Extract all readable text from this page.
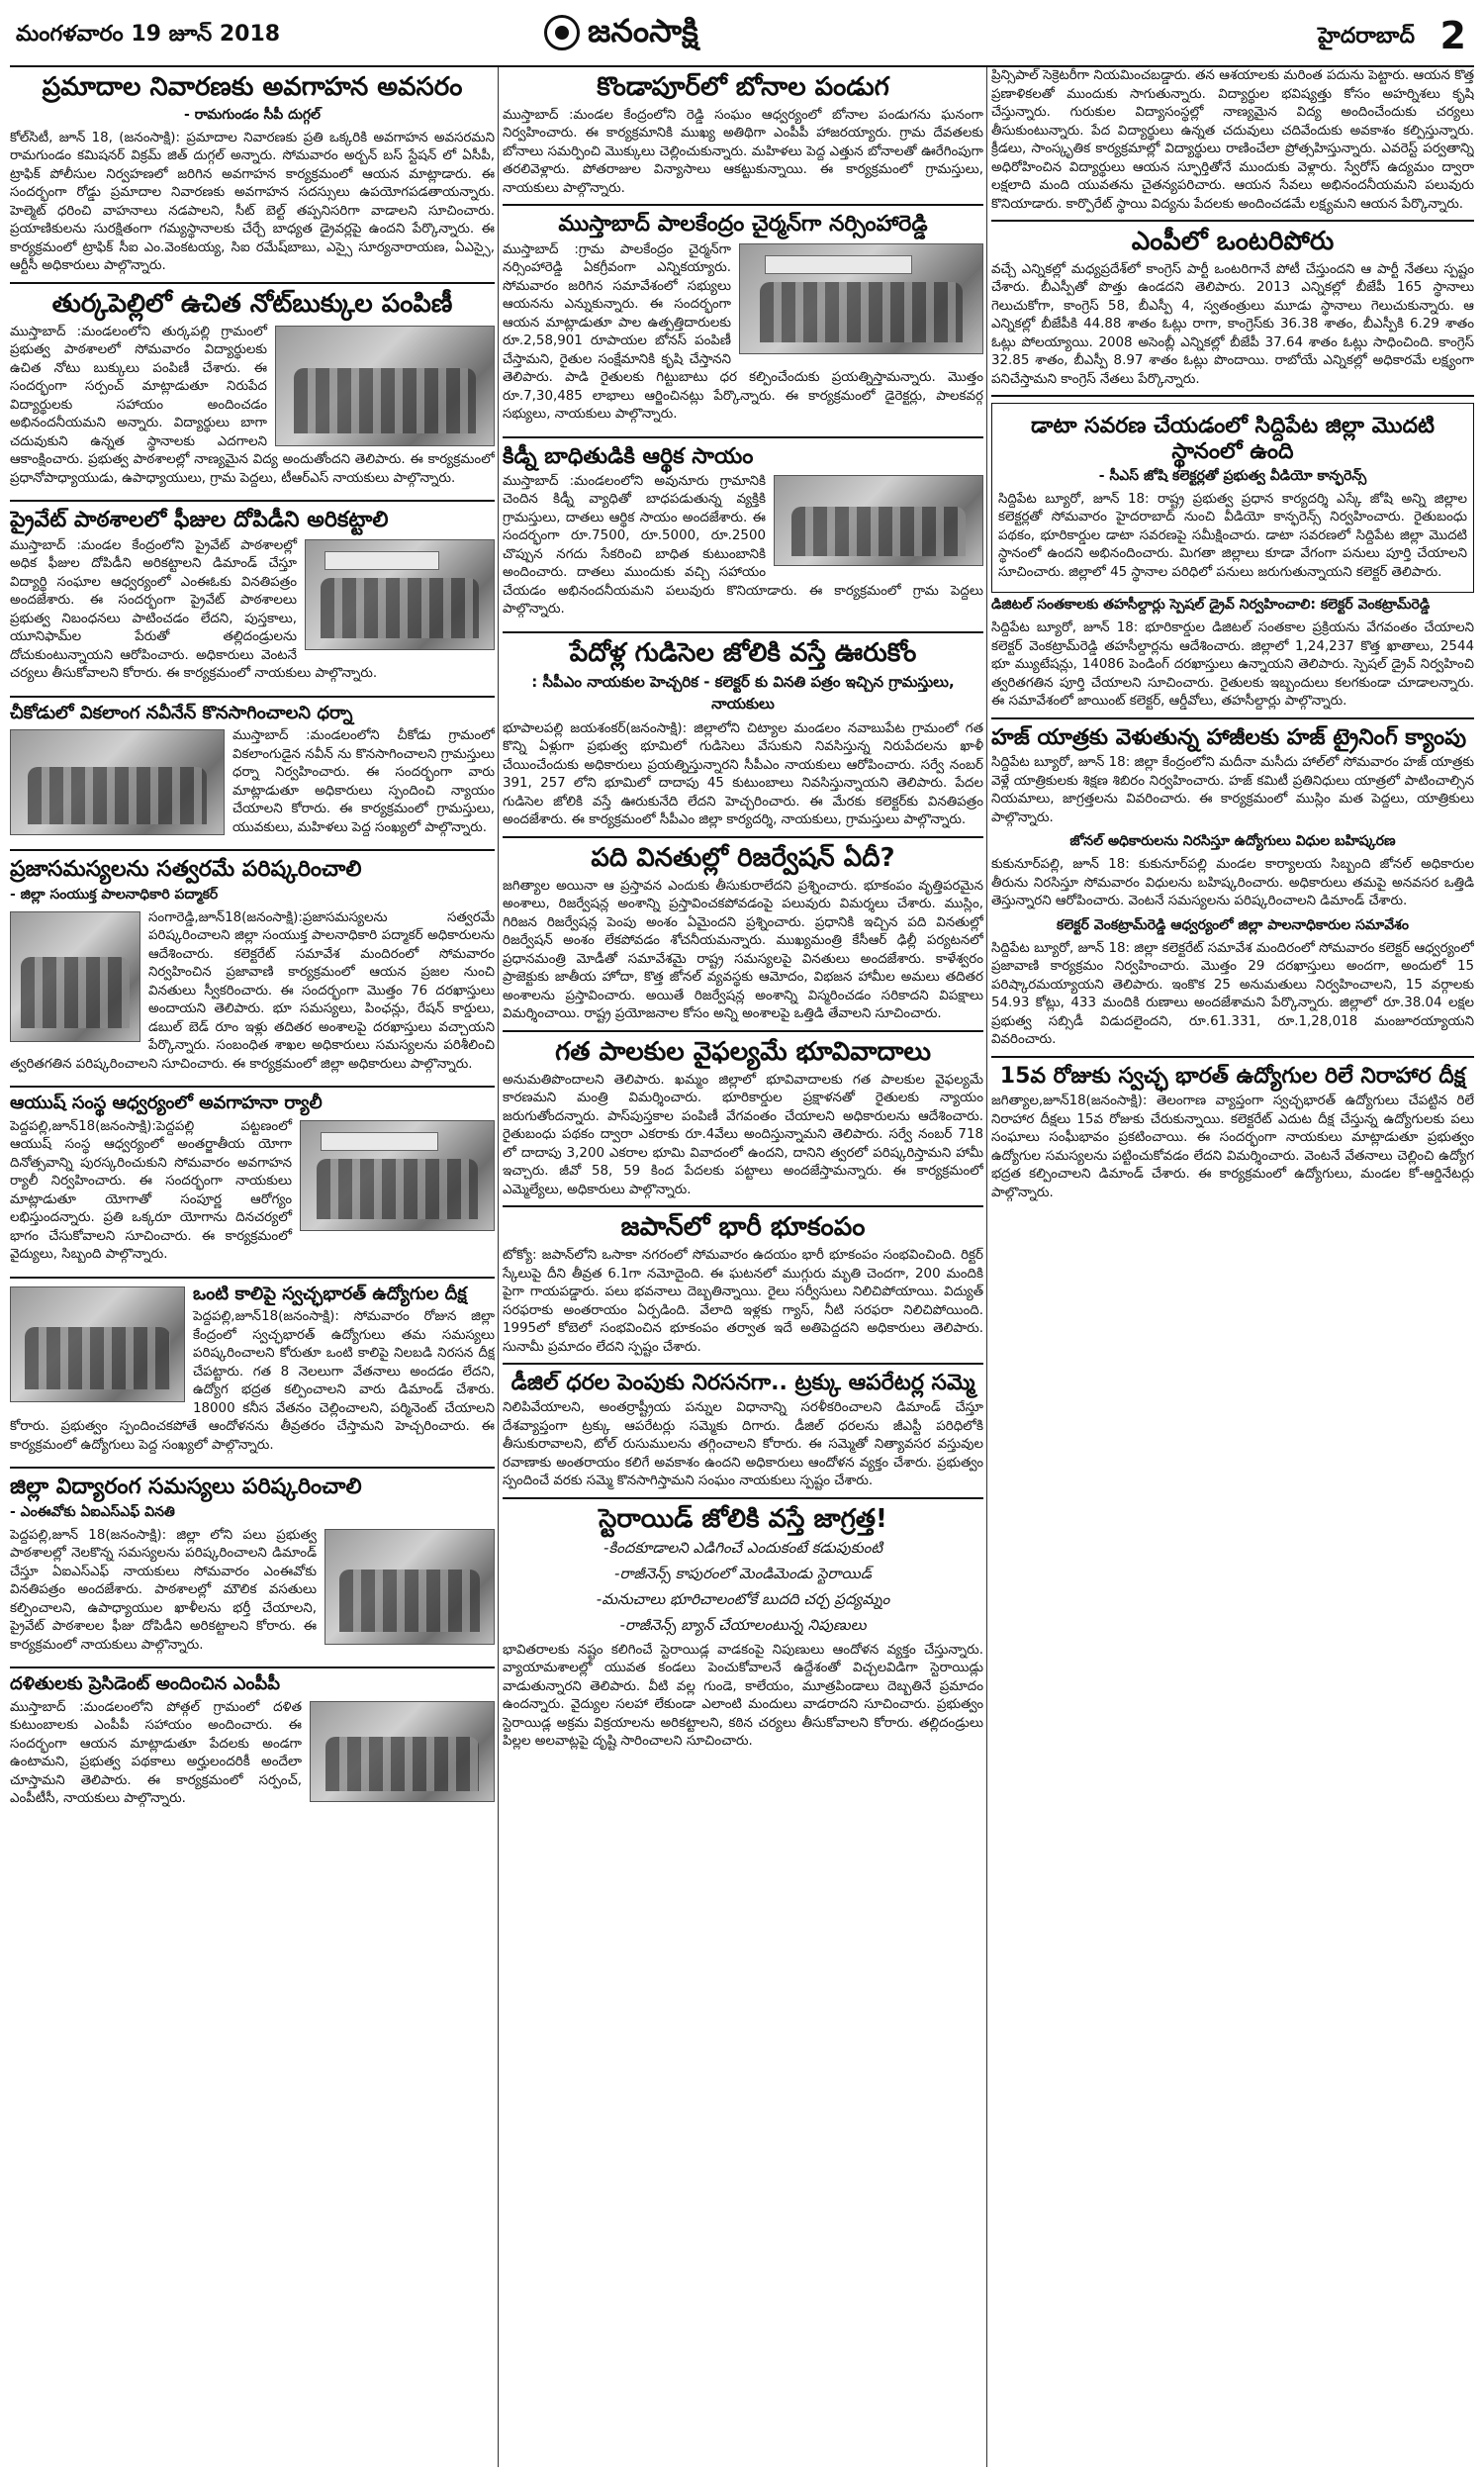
మంగళవారం 19 జూన్ 2018	జనంసాక్షి	హైదరాబాద్ 2
ప్రమాదాల నివారణకు అవగాహన అవసరం
- రామగుండం సీపీ దుగ్గల్
కోల్‌సిటీ, జూన్ 18, (జనంసాక్షి): ప్రమాదాల నివారణకు ప్రతి ఒక్కరికి అవగాహన అవసరమని రామగుండం కమిషనర్ విక్రమ్ జిత్ దుగ్గల్ అన్నారు. సోమవారం అర్బన్ బస్ స్టేషన్ లో ఏసీపీ, ట్రాఫిక్ పోలీసుల నిర్వహణలో జరిగిన అవగాహన కార్యక్రమంలో ఆయన మాట్లాడారు. ఈ సందర్భంగా రోడ్డు ప్రమాదాల నివారణకు అవగాహన సదస్సులు ఉపయోగపడతాయన్నారు. హెల్మెట్ ధరించి వాహనాలు నడపాలని, సీట్ బెల్ట్ తప్పనిసరిగా వాడాలని సూచించారు. ప్రయాణికులను సురక్షితంగా గమ్యస్థానాలకు చేర్చే బాధ్యత డ్రైవర్లపై ఉందని పేర్కొన్నారు. ఈ కార్యక్రమంలో ట్రాఫిక్ సీఐ ఎం.వెంకటయ్య, సిఐ రమేష్‌బాబు, ఎస్సై సూర్యనారాయణ, ఏఎస్సై, ఆర్టీసీ అధికారులు పాల్గొన్నారు.
తుర్కపెల్లిలో ఉచిత నోట్‌బుక్కుల పంపిణీ
ముస్తాబాద్ :మండలంలోని తుర్కపల్లి గ్రామంలో ప్రభుత్వ పాఠశాలలో సోమవారం విద్యార్థులకు ఉచిత నోటు బుక్కులు పంపిణీ చేశారు. ఈ సందర్భంగా సర్పంచ్ మాట్లాడుతూ నిరుపేద విద్యార్థులకు సహాయం అందించడం అభినందనీయమని అన్నారు. విద్యార్థులు బాగా చదువుకుని ఉన్నత స్థానాలకు ఎదగాలని ఆకాంక్షించారు. ప్రభుత్వ పాఠశాలల్లో నాణ్యమైన విద్య అందుతోందని తెలిపారు. ఈ కార్యక్రమంలో ప్రధానోపాధ్యాయుడు, ఉపాధ్యాయులు, గ్రామ పెద్దలు, టీఆర్ఎస్ నాయకులు పాల్గొన్నారు.
ప్రైవేట్ పాఠశాలలో ఫీజుల దోపిడీని అరికట్టాలి
ముస్తాబాద్ :మండల కేంద్రంలోని ప్రైవేట్ పాఠశాలల్లో అధిక ఫీజుల దోపిడీని అరికట్టాలని డిమాండ్ చేస్తూ విద్యార్థి సంఘాల ఆధ్వర్యంలో ఎంఈఓకు వినతిపత్రం అందజేశారు. ఈ సందర్భంగా ప్రైవేట్ పాఠశాలలు ప్రభుత్వ నిబంధనలు పాటించడం లేదని, పుస్తకాలు, యూనిఫామ్‌ల పేరుతో తల్లిదండ్రులను దోచుకుంటున్నాయని ఆరోపించారు. అధికారులు వెంటనే చర్యలు తీసుకోవాలని కోరారు. ఈ కార్యక్రమంలో నాయకులు పాల్గొన్నారు.
చీకోడులో వికలాంగ నవీనేన్ కొనసాగించాలని ధర్నా
ముస్తాబాద్ :మండలంలోని చీకోడు గ్రామంలో వికలాంగుడైన నవీన్ ను కొనసాగించాలని గ్రామస్తులు ధర్నా నిర్వహించారు. ఈ సందర్భంగా వారు మాట్లాడుతూ అధికారులు స్పందించి న్యాయం చేయాలని కోరారు. ఈ కార్యక్రమంలో గ్రామస్తులు, యువకులు, మహిళలు పెద్ద సంఖ్యలో పాల్గొన్నారు.
ప్రజాసమస్యలను సత్వరమే పరిష్కరించాలి
- జిల్లా సంయుక్త పాలనాధికారి పద్మాకర్
సంగారెడ్డి,జూన్18(జనంసాక్షి):ప్రజాసమస్యలను సత్వరమే పరిష్కరించాలని జిల్లా సంయుక్త పాలనాధికారి పద్మాకర్ అధికారులను ఆదేశించారు. కలెక్టరేట్ సమావేశ మందిరంలో సోమవారం నిర్వహించిన ప్రజావాణి కార్యక్రమంలో ఆయన ప్రజల నుంచి వినతులు స్వీకరించారు. ఈ సందర్భంగా మొత్తం 76 దరఖాస్తులు అందాయని తెలిపారు. భూ సమస్యలు, పింఛన్లు, రేషన్ కార్డులు, డబుల్ బెడ్ రూం ఇళ్లు తదితర అంశాలపై దరఖాస్తులు వచ్చాయని పేర్కొన్నారు. సంబంధిత శాఖల అధికారులు సమస్యలను పరిశీలించి త్వరితగతిన పరిష్కరించాలని సూచించారు. ఈ కార్యక్రమంలో జిల్లా అధికారులు పాల్గొన్నారు.
ఆయుష్ సంస్థ ఆధ్వర్యంలో అవగాహనా ర్యాలీ
పెద్దపల్లి,జూన్18(జనంసాక్షి):పెద్దపల్లి పట్టణంలో ఆయుష్ సంస్థ ఆధ్వర్యంలో అంతర్జాతీయ యోగా దినోత్సవాన్ని పురస్కరించుకుని సోమవారం అవగాహన ర్యాలీ నిర్వహించారు. ఈ సందర్భంగా నాయకులు మాట్లాడుతూ యోగాతో సంపూర్ణ ఆరోగ్యం లభిస్తుందన్నారు. ప్రతి ఒక్కరూ యోగాను దినచర్యలో భాగం చేసుకోవాలని సూచించారు. ఈ కార్యక్రమంలో వైద్యులు, సిబ్బంది పాల్గొన్నారు.
ఒంటి కాలిపై స్వచ్ఛభారత్ ఉద్యోగుల దీక్ష
పెద్దపల్లి,జూన్18(జనంసాక్షి): సోమవారం రోజున జిల్లా కేంద్రంలో స్వచ్ఛభారత్ ఉద్యోగులు తమ సమస్యలు పరిష్కరించాలని కోరుతూ ఒంటి కాలిపై నిలబడి నిరసన దీక్ష చేపట్టారు. గత 8 నెలలుగా వేతనాలు అందడం లేదని, ఉద్యోగ భద్రత కల్పించాలని వారు డిమాండ్ చేశారు. 18000 కనీస వేతనం చెల్లించాలని, పర్మినెంట్ చేయాలని కోరారు. ప్రభుత్వం స్పందించకపోతే ఆందోళనను తీవ్రతరం చేస్తామని హెచ్చరించారు. ఈ కార్యక్రమంలో ఉద్యోగులు పెద్ద సంఖ్యలో పాల్గొన్నారు.
జిల్లా విద్యారంగ సమస్యలు పరిష్కరించాలి
- ఎంఈవోకు ఏఐఎస్ఎఫ్ వినతి
పెద్దపల్లి,జూన్ 18(జనంసాక్షి): జిల్లా లోని పలు ప్రభుత్వ పాఠశాలల్లో నెలకొన్న సమస్యలను పరిష్కరించాలని డిమాండ్ చేస్తూ ఏఐఎస్ఎఫ్ నాయకులు సోమవారం ఎంఈవోకు వినతిపత్రం అందజేశారు. పాఠశాలల్లో మౌలిక వసతులు కల్పించాలని, ఉపాధ్యాయుల ఖాళీలను భర్తీ చేయాలని, ప్రైవేట్ పాఠశాలల ఫీజు దోపిడీని అరికట్టాలని కోరారు. ఈ కార్యక్రమంలో నాయకులు పాల్గొన్నారు.
దళితులకు ప్రెసిడెంట్ అందించిన ఎంపీపీ
ముస్తాబాద్ :మండలంలోని పోత్గల్ గ్రామంలో దళిత కుటుంబాలకు ఎంపీపీ సహాయం అందించారు. ఈ సందర్భంగా ఆయన మాట్లాడుతూ పేదలకు అండగా ఉంటామని, ప్రభుత్వ పథకాలు అర్హులందరికీ అందేలా చూస్తామని తెలిపారు. ఈ కార్యక్రమంలో సర్పంచ్, ఎంపీటీసీ, నాయకులు పాల్గొన్నారు.
కొండాపూర్‌లో బోనాల పండుగ
ముస్తాబాద్ :మండల కేంద్రంలోని రెడ్డి సంఘం ఆధ్వర్యంలో బోనాల పండుగను ఘనంగా నిర్వహించారు. ఈ కార్యక్రమానికి ముఖ్య అతిథిగా ఎంపీపీ హాజరయ్యారు. గ్రామ దేవతలకు బోనాలు సమర్పించి మొక్కులు చెల్లించుకున్నారు. మహిళలు పెద్ద ఎత్తున బోనాలతో ఊరేగింపుగా తరలివెళ్లారు. పోతరాజుల విన్యాసాలు ఆకట్టుకున్నాయి. ఈ కార్యక్రమంలో గ్రామస్తులు, నాయకులు పాల్గొన్నారు.
ముస్తాబాద్ పాలకేంద్రం చైర్మన్‌గా నర్సింహారెడ్డి
ముస్తాబాద్ :గ్రామ పాలకేంద్రం చైర్మన్‌గా నర్సింహారెడ్డి ఏకగ్రీవంగా ఎన్నికయ్యారు. సోమవారం జరిగిన సమావేశంలో సభ్యులు ఆయనను ఎన్నుకున్నారు. ఈ సందర్భంగా ఆయన మాట్లాడుతూ పాల ఉత్పత్తిదారులకు రూ.2,58,901 రూపాయల బోనస్ పంపిణీ చేస్తామని, రైతుల సంక్షేమానికి కృషి చేస్తానని తెలిపారు. పాడి రైతులకు గిట్టుబాటు ధర కల్పించేందుకు ప్రయత్నిస్తామన్నారు. మొత్తం రూ.7,30,485 లాభాలు ఆర్జించినట్లు పేర్కొన్నారు. ఈ కార్యక్రమంలో డైరెక్టర్లు, పాలకవర్గ సభ్యులు, నాయకులు పాల్గొన్నారు.
కిడ్నీ బాధితుడికి ఆర్థిక సాయం
ముస్తాబాద్ :మండలంలోని అవునూరు గ్రామానికి చెందిన కిడ్నీ వ్యాధితో బాధపడుతున్న వ్యక్తికి గ్రామస్తులు, దాతలు ఆర్థిక సాయం అందజేశారు. ఈ సందర్భంగా రూ.7500, రూ.5000, రూ.2500 చొప్పున నగదు సేకరించి బాధిత కుటుంబానికి అందించారు. దాతలు ముందుకు వచ్చి సహాయం చేయడం అభినందనీయమని పలువురు కొనియాడారు. ఈ కార్యక్రమంలో గ్రామ పెద్దలు పాల్గొన్నారు.
పేదోళ్ల గుడిసెల జోలికి వస్తే ఊరుకోం
: సీపీఎం నాయకుల హెచ్చరిక - కలెక్టర్ కు వినతి పత్రం ఇచ్చిన గ్రామస్తులు, నాయకులు
భూపాలపల్లి జయశంకర్(జనంసాక్షి): జిల్లాలోని చిట్యాల మండలం నవాబుపేట గ్రామంలో గత కొన్ని ఏళ్లుగా ప్రభుత్వ భూమిలో గుడిసెలు వేసుకుని నివసిస్తున్న నిరుపేదలను ఖాళీ చేయించేందుకు అధికారులు ప్రయత్నిస్తున్నారని సీపీఎం నాయకులు ఆరోపించారు. సర్వే నంబర్ 391, 257 లోని భూమిలో దాదాపు 45 కుటుంబాలు నివసిస్తున్నాయని తెలిపారు. పేదల గుడిసెల జోలికి వస్తే ఊరుకునేది లేదని హెచ్చరించారు. ఈ మేరకు కలెక్టర్‌కు వినతిపత్రం అందజేశారు. ఈ కార్యక్రమంలో సీపీఎం జిల్లా కార్యదర్శి, నాయకులు, గ్రామస్తులు పాల్గొన్నారు.
పది వినతుల్లో రిజర్వేషన్ ఏదీ?
జగిత్యాల అయినా ఆ ప్రస్తావన ఎందుకు తీసుకురాలేదని ప్రశ్నించారు. భూకంపం వృత్తిపరమైన అంశాలు, రిజర్వేషన్ల అంశాన్ని ప్రస్తావించకపోవడంపై పలువురు విమర్శలు చేశారు. ముస్లిం, గిరిజన రిజర్వేషన్ల పెంపు అంశం ఏమైందని ప్రశ్నించారు. ప్రధానికి ఇచ్చిన పది వినతుల్లో రిజర్వేషన్ అంశం లేకపోవడం శోచనీయమన్నారు. ముఖ్యమంత్రి కేసీఆర్ ఢిల్లీ పర్యటనలో ప్రధానమంత్రి మోడీతో సమావేశమై రాష్ట్ర సమస్యలపై వినతులు అందజేశారు. కాళేశ్వరం ప్రాజెక్టుకు జాతీయ హోదా, కొత్త జోనల్ వ్యవస్థకు ఆమోదం, విభజన హామీల అమలు తదితర అంశాలను ప్రస్తావించారు. అయితే రిజర్వేషన్ల అంశాన్ని విస్మరించడం సరికాదని విపక్షాలు విమర్శించాయి. రాష్ట్ర ప్రయోజనాల కోసం అన్ని అంశాలపై ఒత్తిడి తేవాలని సూచించారు.
గత పాలకుల వైఫల్యమే భూవివాదాలు
అనుమతిపొందాలని తెలిపారు. ఖమ్మం జిల్లాలో భూవివాదాలకు గత పాలకుల వైఫల్యమే కారణమని మంత్రి విమర్శించారు. భూరికార్డుల ప్రక్షాళనతో రైతులకు న్యాయం జరుగుతోందన్నారు. పాస్‌పుస్తకాల పంపిణీ వేగవంతం చేయాలని అధికారులను ఆదేశించారు. రైతుబంధు పథకం ద్వారా ఎకరాకు రూ.4వేలు అందిస్తున్నామని తెలిపారు. సర్వే నంబర్ 718 లో దాదాపు 3,200 ఎకరాల భూమి వివాదంలో ఉందని, దానిని త్వరలో పరిష్కరిస్తామని హామీ ఇచ్చారు. జీవో 58, 59 కింద పేదలకు పట్టాలు అందజేస్తామన్నారు. ఈ కార్యక్రమంలో ఎమ్మెల్యేలు, అధికారులు పాల్గొన్నారు.
జపాన్‌లో భారీ భూకంపం
టోక్యో: జపాన్‌లోని ఒసాకా నగరంలో సోమవారం ఉదయం భారీ భూకంపం సంభవించింది. రిక్టర్ స్కేలుపై దీని తీవ్రత 6.1గా నమోదైంది. ఈ ఘటనలో ముగ్గురు మృతి చెందగా, 200 మందికి పైగా గాయపడ్డారు. పలు భవనాలు దెబ్బతిన్నాయి. రైలు సర్వీసులు నిలిచిపోయాయి. విద్యుత్ సరఫరాకు అంతరాయం ఏర్పడింది. వేలాది ఇళ్లకు గ్యాస్, నీటి సరఫరా నిలిచిపోయింది. 1995లో కోబెలో సంభవించిన భూకంపం తర్వాత ఇదే అతిపెద్దదని అధికారులు తెలిపారు. సునామీ ప్రమాదం లేదని స్పష్టం చేశారు.
డీజిల్ ధరల పెంపుకు నిరసనగా.. ట్రక్కు ఆపరేటర్ల సమ్మె
నిలిపివేయాలని, అంతర్రాష్ట్రీయ పన్నుల విధానాన్ని సరళీకరించాలని డిమాండ్ చేస్తూ దేశవ్యాప్తంగా ట్రక్కు ఆపరేటర్లు సమ్మెకు దిగారు. డీజిల్ ధరలను జీఎస్టీ పరిధిలోకి తీసుకురావాలని, టోల్ రుసుములను తగ్గించాలని కోరారు. ఈ సమ్మెతో నిత్యావసర వస్తువుల రవాణాకు అంతరాయం కలిగే అవకాశం ఉందని అధికారులు ఆందోళన వ్యక్తం చేశారు. ప్రభుత్వం స్పందించే వరకు సమ్మె కొనసాగిస్తామని సంఘం నాయకులు స్పష్టం చేశారు.
స్టెరాయిడ్ జోలికి వస్తే జాగ్రత్త!
-కిందకూడాలని ఎడిగించే ఎందుకంటే కడుపుకుంటి
-రాజీనెన్స్ కాపురంలో మెండిమెండు స్టెరాయిడ్
-మనుచాలు భూరిచాలంటోకే బుదది చర్చ ప్రద్యమ్నం
-రాజీనెన్స్ బ్యాన్ చేయాలంటున్న నిపుణులు
భావితరాలకు నష్టం కలిగించే స్టెరాయిడ్ల వాడకంపై నిపుణులు ఆందోళన వ్యక్తం చేస్తున్నారు. వ్యాయామశాలల్లో యువత కండలు పెంచుకోవాలనే ఉద్దేశంతో విచ్చలవిడిగా స్టెరాయిడ్లు వాడుతున్నారని తెలిపారు. వీటి వల్ల గుండె, కాలేయం, మూత్రపిండాలు దెబ్బతినే ప్రమాదం ఉందన్నారు. వైద్యుల సలహా లేకుండా ఎలాంటి మందులు వాడరాదని సూచించారు. ప్రభుత్వం స్టెరాయిడ్ల అక్రమ విక్రయాలను అరికట్టాలని, కఠిన చర్యలు తీసుకోవాలని కోరారు. తల్లిదండ్రులు పిల్లల అలవాట్లపై దృష్టి సారించాలని సూచించారు.
ప్రిన్సిపాల్ సెక్రెటరీగా నియమించబడ్డారు. తన ఆశయాలకు మరింత పదును పెట్టారు. ఆయన కొత్త ప్రణాళికలతో ముందుకు సాగుతున్నారు. విద్యార్థుల భవిష్యత్తు కోసం అహర్నిశలు కృషి చేస్తున్నారు. గురుకుల విద్యాసంస్థల్లో నాణ్యమైన విద్య అందించేందుకు చర్యలు తీసుకుంటున్నారు. పేద విద్యార్థులు ఉన్నత చదువులు చదివేందుకు అవకాశం కల్పిస్తున్నారు. క్రీడలు, సాంస్కృతిక కార్యక్రమాల్లో విద్యార్థులు రాణించేలా ప్రోత్సహిస్తున్నారు. ఎవరెస్ట్ పర్వతాన్ని అధిరోహించిన విద్యార్థులు ఆయన స్ఫూర్తితోనే ముందుకు వెళ్లారు. స్వేరోస్ ఉద్యమం ద్వారా లక్షలాది మంది యువతను చైతన్యపరిచారు. ఆయన సేవలు అభినందనీయమని పలువురు కొనియాడారు. కార్పొరేట్ స్థాయి విద్యను పేదలకు అందించడమే లక్ష్యమని ఆయన పేర్కొన్నారు.
ఎంపీలో ఒంటరిపోరు
వచ్చే ఎన్నికల్లో మధ్యప్రదేశ్‌లో కాంగ్రెస్ పార్టీ ఒంటరిగానే పోటీ చేస్తుందని ఆ పార్టీ నేతలు స్పష్టం చేశారు. బీఎస్పీతో పొత్తు ఉండదని తెలిపారు. 2013 ఎన్నికల్లో బీజేపీ 165 స్థానాలు గెలుచుకోగా, కాంగ్రెస్ 58, బీఎస్పీ 4, స్వతంత్రులు మూడు స్థానాలు గెలుచుకున్నారు. ఆ ఎన్నికల్లో బీజేపీకి 44.88 శాతం ఓట్లు రాగా, కాంగ్రెస్‌కు 36.38 శాతం, బీఎస్పీకి 6.29 శాతం ఓట్లు పోలయ్యాయి. 2008 అసెంబ్లీ ఎన్నికల్లో బీజేపీ 37.64 శాతం ఓట్లు సాధించింది. కాంగ్రెస్ 32.85 శాతం, బీఎస్పీ 8.97 శాతం ఓట్లు పొందాయి. రాబోయే ఎన్నికల్లో అధికారమే లక్ష్యంగా పనిచేస్తామని కాంగ్రెస్ నేతలు పేర్కొన్నారు.
డాటా సవరణ చేయడంలో సిద్దిపేట జిల్లా మొదటి స్థానంలో ఉంది
- సీఎస్ జోషి కలెక్టర్లతో ప్రభుత్వ వీడియో కాన్ఫరెన్స్
సిద్దిపేట బ్యూరో, జూన్ 18: రాష్ట్ర ప్రభుత్వ ప్రధాన కార్యదర్శి ఎస్కే జోషి అన్ని జిల్లాల కలెక్టర్లతో సోమవారం హైదరాబాద్ నుంచి వీడియో కాన్ఫరెన్స్ నిర్వహించారు. రైతుబంధు పథకం, భూరికార్డుల డాటా సవరణపై సమీక్షించారు. డాటా సవరణలో సిద్దిపేట జిల్లా మొదటి స్థానంలో ఉందని అభినందించారు. మిగతా జిల్లాలు కూడా వేగంగా పనులు పూర్తి చేయాలని సూచించారు. జిల్లాలో 45 స్థానాల పరిధిలో పనులు జరుగుతున్నాయని కలెక్టర్ తెలిపారు.
డిజిటల్ సంతకాలకు తహసీల్దార్లు స్పెషల్ డ్రైవ్ నిర్వహించాలి: కలెక్టర్ వెంకట్రామ్‌రెడ్డి
సిద్దిపేట బ్యూరో, జూన్ 18: భూరికార్డుల డిజిటల్ సంతకాల ప్రక్రియను వేగవంతం చేయాలని కలెక్టర్ వెంకట్రామ్‌రెడ్డి తహసీల్దార్లను ఆదేశించారు. జిల్లాలో 1,24,237 కొత్త ఖాతాలు, 2544 భూ మ్యుటేషన్లు, 14086 పెండింగ్ దరఖాస్తులు ఉన్నాయని తెలిపారు. స్పెషల్ డ్రైవ్ నిర్వహించి త్వరితగతిన పూర్తి చేయాలని సూచించారు. రైతులకు ఇబ్బందులు కలగకుండా చూడాలన్నారు. ఈ సమావేశంలో జాయింట్ కలెక్టర్, ఆర్డీవోలు, తహసీల్దార్లు పాల్గొన్నారు.
హజ్ యాత్రకు వెళుతున్న హాజీలకు హజ్ ట్రైనింగ్ క్యాంపు
సిద్దిపేట బ్యూరో, జూన్ 18: జిల్లా కేంద్రంలోని మదీనా మసీదు హాల్‌లో సోమవారం హజ్ యాత్రకు వెళ్లే యాత్రికులకు శిక్షణ శిబిరం నిర్వహించారు. హజ్ కమిటీ ప్రతినిధులు యాత్రలో పాటించాల్సిన నియమాలు, జాగ్రత్తలను వివరించారు. ఈ కార్యక్రమంలో ముస్లిం మత పెద్దలు, యాత్రికులు పాల్గొన్నారు.
జోనల్ అధికారులను నిరసిస్తూ ఉద్యోగులు విధుల బహిష్కరణ
కుకునూర్‌పల్లి, జూన్ 18: కుకునూర్‌పల్లి మండల కార్యాలయ సిబ్బంది జోనల్ అధికారుల తీరును నిరసిస్తూ సోమవారం విధులను బహిష్కరించారు. అధికారులు తమపై అనవసర ఒత్తిడి తెస్తున్నారని ఆరోపించారు. వెంటనే సమస్యలను పరిష్కరించాలని డిమాండ్ చేశారు.
కలెక్టర్ వెంకట్రామ్‌రెడ్డి ఆధ్వర్యంలో జిల్లా పాలనాధికారుల సమావేశం
సిద్దిపేట బ్యూరో, జూన్ 18: జిల్లా కలెక్టరేట్ సమావేశ మందిరంలో సోమవారం కలెక్టర్ ఆధ్వర్యంలో ప్రజావాణి కార్యక్రమం నిర్వహించారు. మొత్తం 29 దరఖాస్తులు అందగా, అందులో 15 పరిష్కారమయ్యాయని తెలిపారు. ఇంకొక 25 అనుమతులు నిర్వహించాలని, 15 వర్గాలకు 54.93 కోట్లు, 433 మందికి రుణాలు అందజేశామని పేర్కొన్నారు. జిల్లాలో రూ.38.04 లక్షల ప్రభుత్వ సబ్సిడీ విడుదలైందని, రూ.61.331, రూ.1,28,018 మంజూరయ్యాయని వివరించారు.
15వ రోజుకు స్వచ్ఛ భారత్ ఉద్యోగుల రిలే నిరాహార దీక్ష
జగిత్యాల,జూన్18(జనంసాక్షి): తెలంగాణ వ్యాప్తంగా స్వచ్ఛభారత్ ఉద్యోగులు చేపట్టిన రిలే నిరాహార దీక్షలు 15వ రోజుకు చేరుకున్నాయి. కలెక్టరేట్ ఎదుట దీక్ష చేస్తున్న ఉద్యోగులకు పలు సంఘాలు సంఘీభావం ప్రకటించాయి. ఈ సందర్భంగా నాయకులు మాట్లాడుతూ ప్రభుత్వం ఉద్యోగుల సమస్యలను పట్టించుకోవడం లేదని విమర్శించారు. వెంటనే వేతనాలు చెల్లించి ఉద్యోగ భద్రత కల్పించాలని డిమాండ్ చేశారు. ఈ కార్యక్రమంలో ఉద్యోగులు, మండల కో-ఆర్డినేటర్లు పాల్గొన్నారు.
